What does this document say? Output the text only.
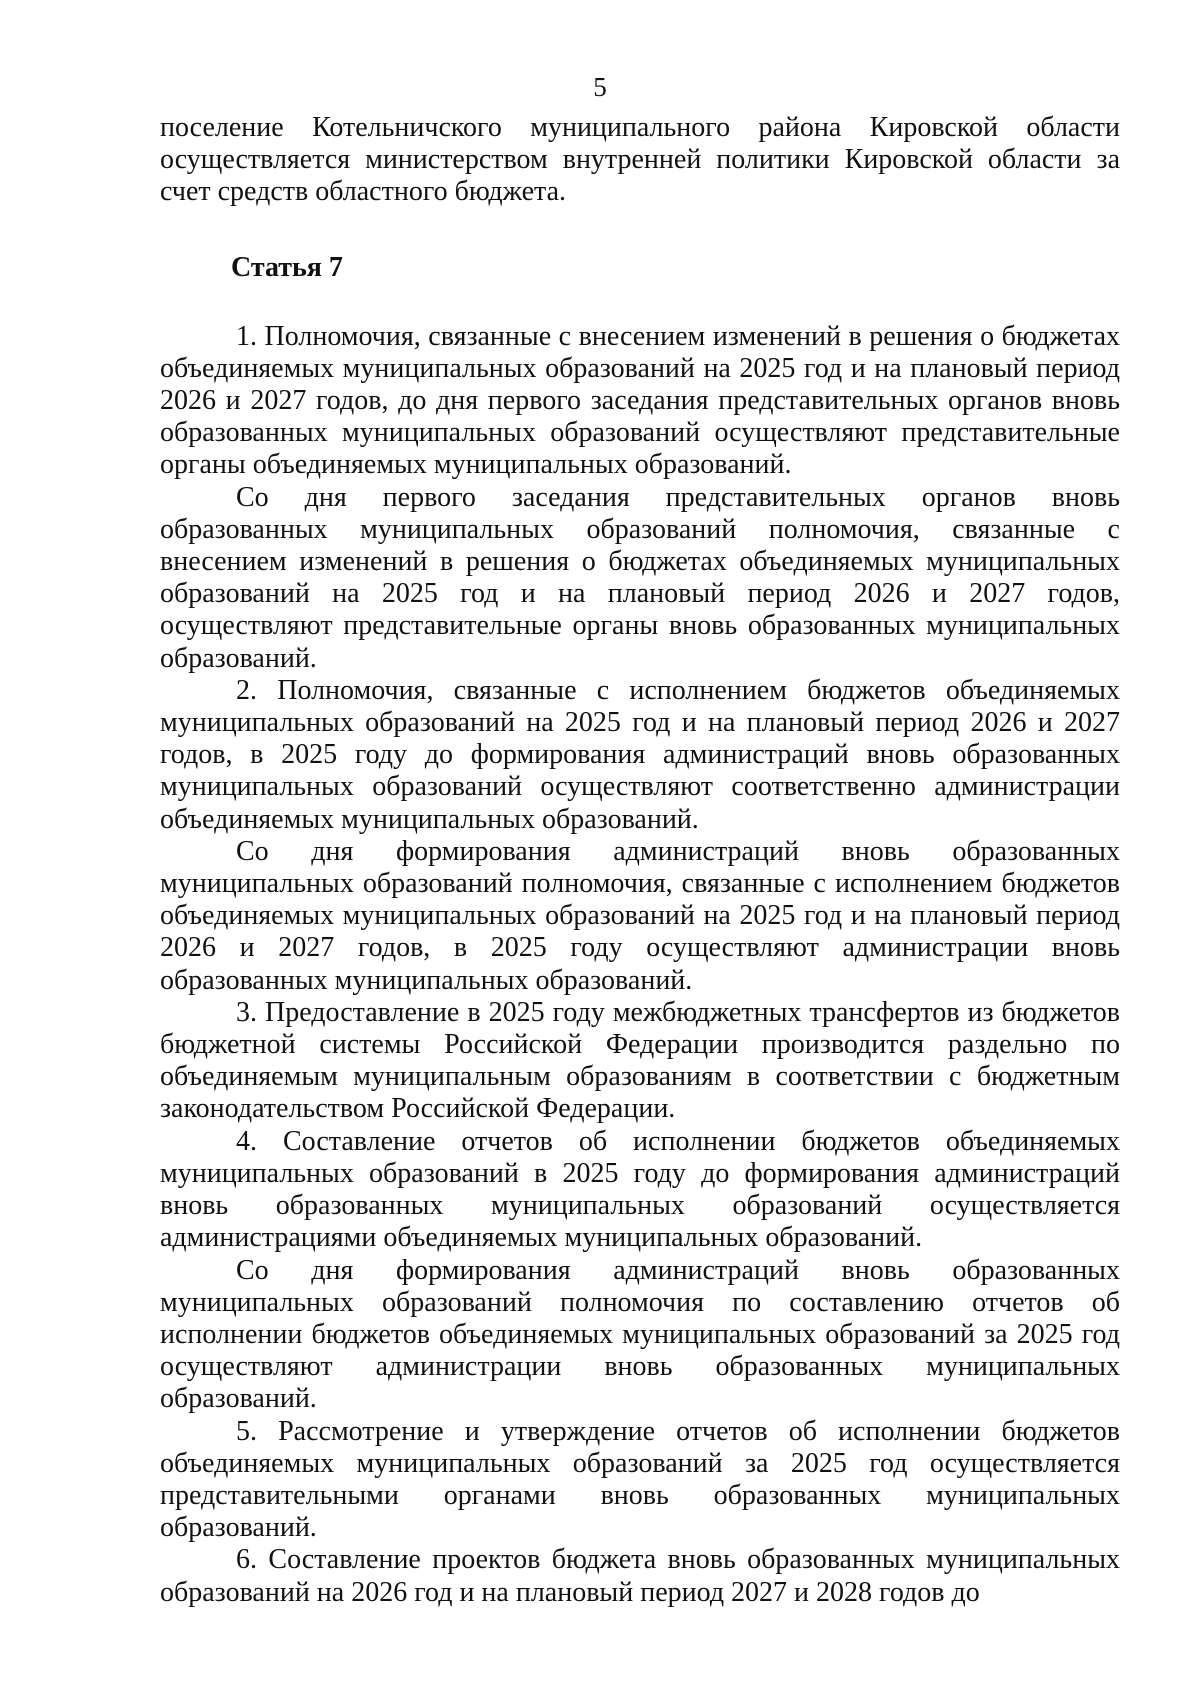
5

поселение Котельничского муниципального района Кировской области осуществляется министерством внутренней политики Кировской области за счет средств областного бюджета.

Статья 7

1. Полномочия, связанные с внесением изменений в решения о бюджетах объединяемых муниципальных образований на 2025 год и на плановый период 2026 и 2027 годов, до дня первого заседания представительных органов вновь образованных муниципальных образований осуществляют представительные органы объединяемых муниципальных образований.

Со дня первого заседания представительных органов вновь образованных муниципальных образований полномочия, связанные с внесением изменений в решения о бюджетах объединяемых муниципальных образований на 2025 год и на плановый период 2026 и 2027 годов, осуществляют представительные органы вновь образованных муниципальных образований.

2. Полномочия, связанные с исполнением бюджетов объединяемых муниципальных образований на 2025 год и на плановый период 2026 и 2027 годов, в 2025 году до формирования администраций вновь образованных муниципальных образований осуществляют соответственно администрации объединяемых муниципальных образований.

Со дня формирования администраций вновь образованных муниципальных образований полномочия, связанные с исполнением бюджетов объединяемых муниципальных образований на 2025 год и на плановый период 2026 и 2027 годов, в 2025 году осуществляют администрации вновь образованных муниципальных образований.

3. Предоставление в 2025 году межбюджетных трансфертов из бюджетов бюджетной системы Российской Федерации производится раздельно по объединяемым муниципальным образованиям в соответствии с бюджетным законодательством Российской Федерации.

4. Составление отчетов об исполнении бюджетов объединяемых муниципальных образований в 2025 году до формирования администраций вновь образованных муниципальных образований осуществляется администрациями объединяемых муниципальных образований.

Со дня формирования администраций вновь образованных муниципальных образований полномочия по составлению отчетов об исполнении бюджетов объединяемых муниципальных образований за 2025 год осуществляют администрации вновь образованных муниципальных образований.

5. Рассмотрение и утверждение отчетов об исполнении бюджетов объединяемых муниципальных образований за 2025 год осуществляется представительными органами вновь образованных муниципальных образований.

6. Составление проектов бюджета вновь образованных муниципальных образований на 2026 год и на плановый период 2027 и 2028 годов до
